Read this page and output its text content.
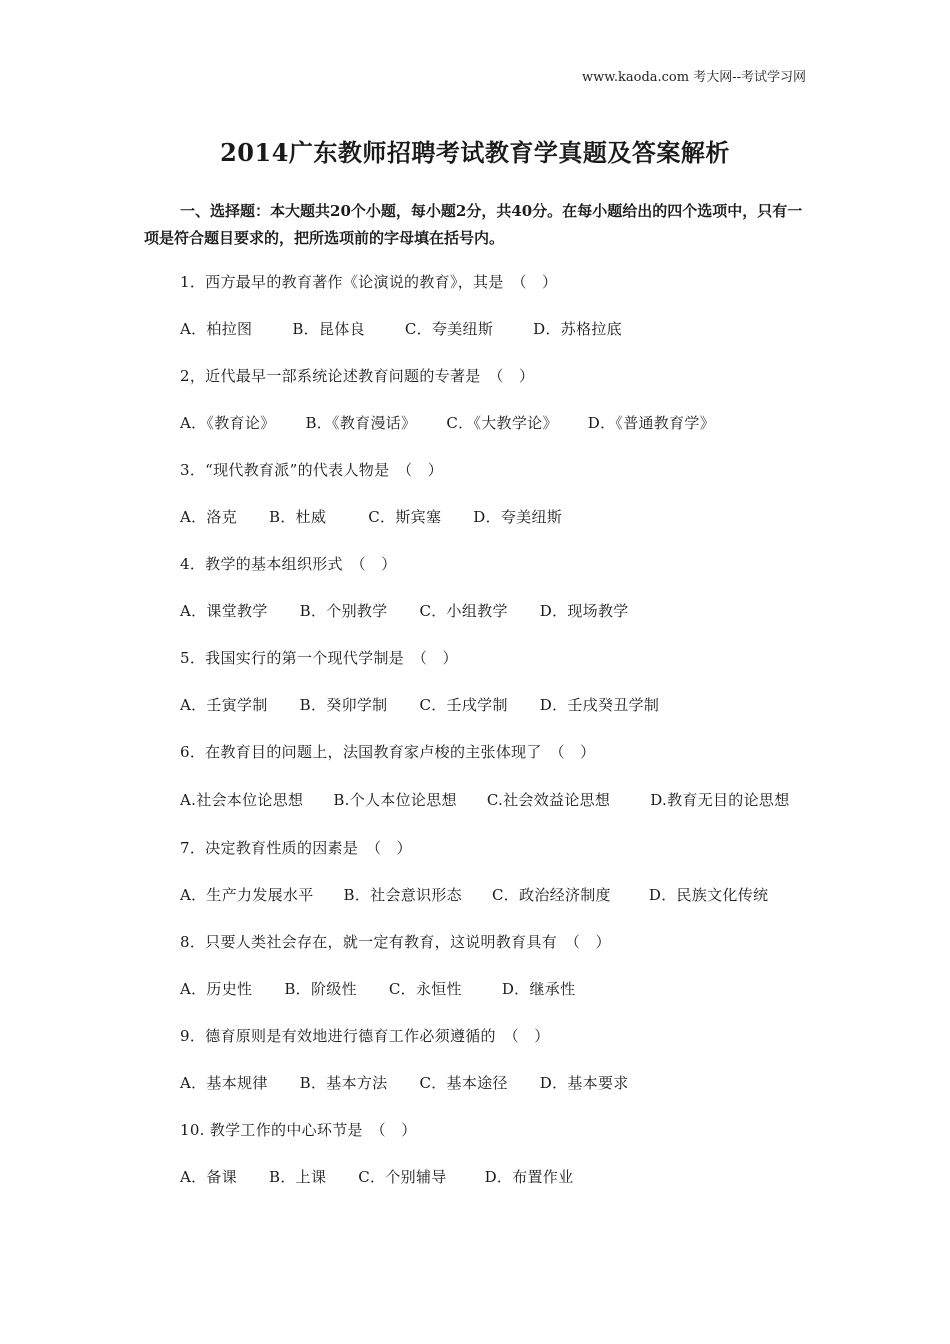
www.kaoda.com 考大网--考试学习网
2014广东教师招聘考试教育学真题及答案解析
一、选择题：本大题共20个小题，每小题2分，共40分。在每小题给出的四个选项中，只有一项是符合题目要求的，把所选项前的字母填在括号内。
1．西方最早的教育著作《论演说的教育》，其是　（　）
A．柏拉图	B．昆体良	C．夸美纽斯	D．苏格拉底
2，近代最早一部系统论述教育问题的专著是　（　）
A．《教育论》 B．《教育漫话》 C．《大教学论》 D．《普通教育学》
3．“现代教育派”的代表人物是　（　）
A．洛克 B．杜威	C．斯宾塞 D．夸美纽斯
4．教学的基本组织形式　（　）
A．课堂教学 B．个别教学 C．小组教学 D．现场教学
5．我国实行的第一个现代学制是　（　）
A．壬寅学制 B．癸卯学制 C．壬戌学制 D．壬戌癸丑学制
6．在教育目的问题上，法国教育家卢梭的主张体现了　（　）
A.社会本位论思想 B.个人本位论思想 C.社会效益论思想	D.教育无目的论思想
7．决定教育性质的因素是　（　）
A．生产力发展水平 B．社会意识形态 C．政治经济制度	D．民族文化传统
8．只要人类社会存在，就一定有教育，这说明教育具有　（　）
A．历史性 B．阶级性 C．永恒性	D．继承性
9．德育原则是有效地进行德育工作必须遵循的　（　）
A．基本规律 B．基本方法 C．基本途径 D．基本要求
10. 教学工作的中心环节是　（　）
A．备课 B．上课 C．个别辅导	D．布置作业
